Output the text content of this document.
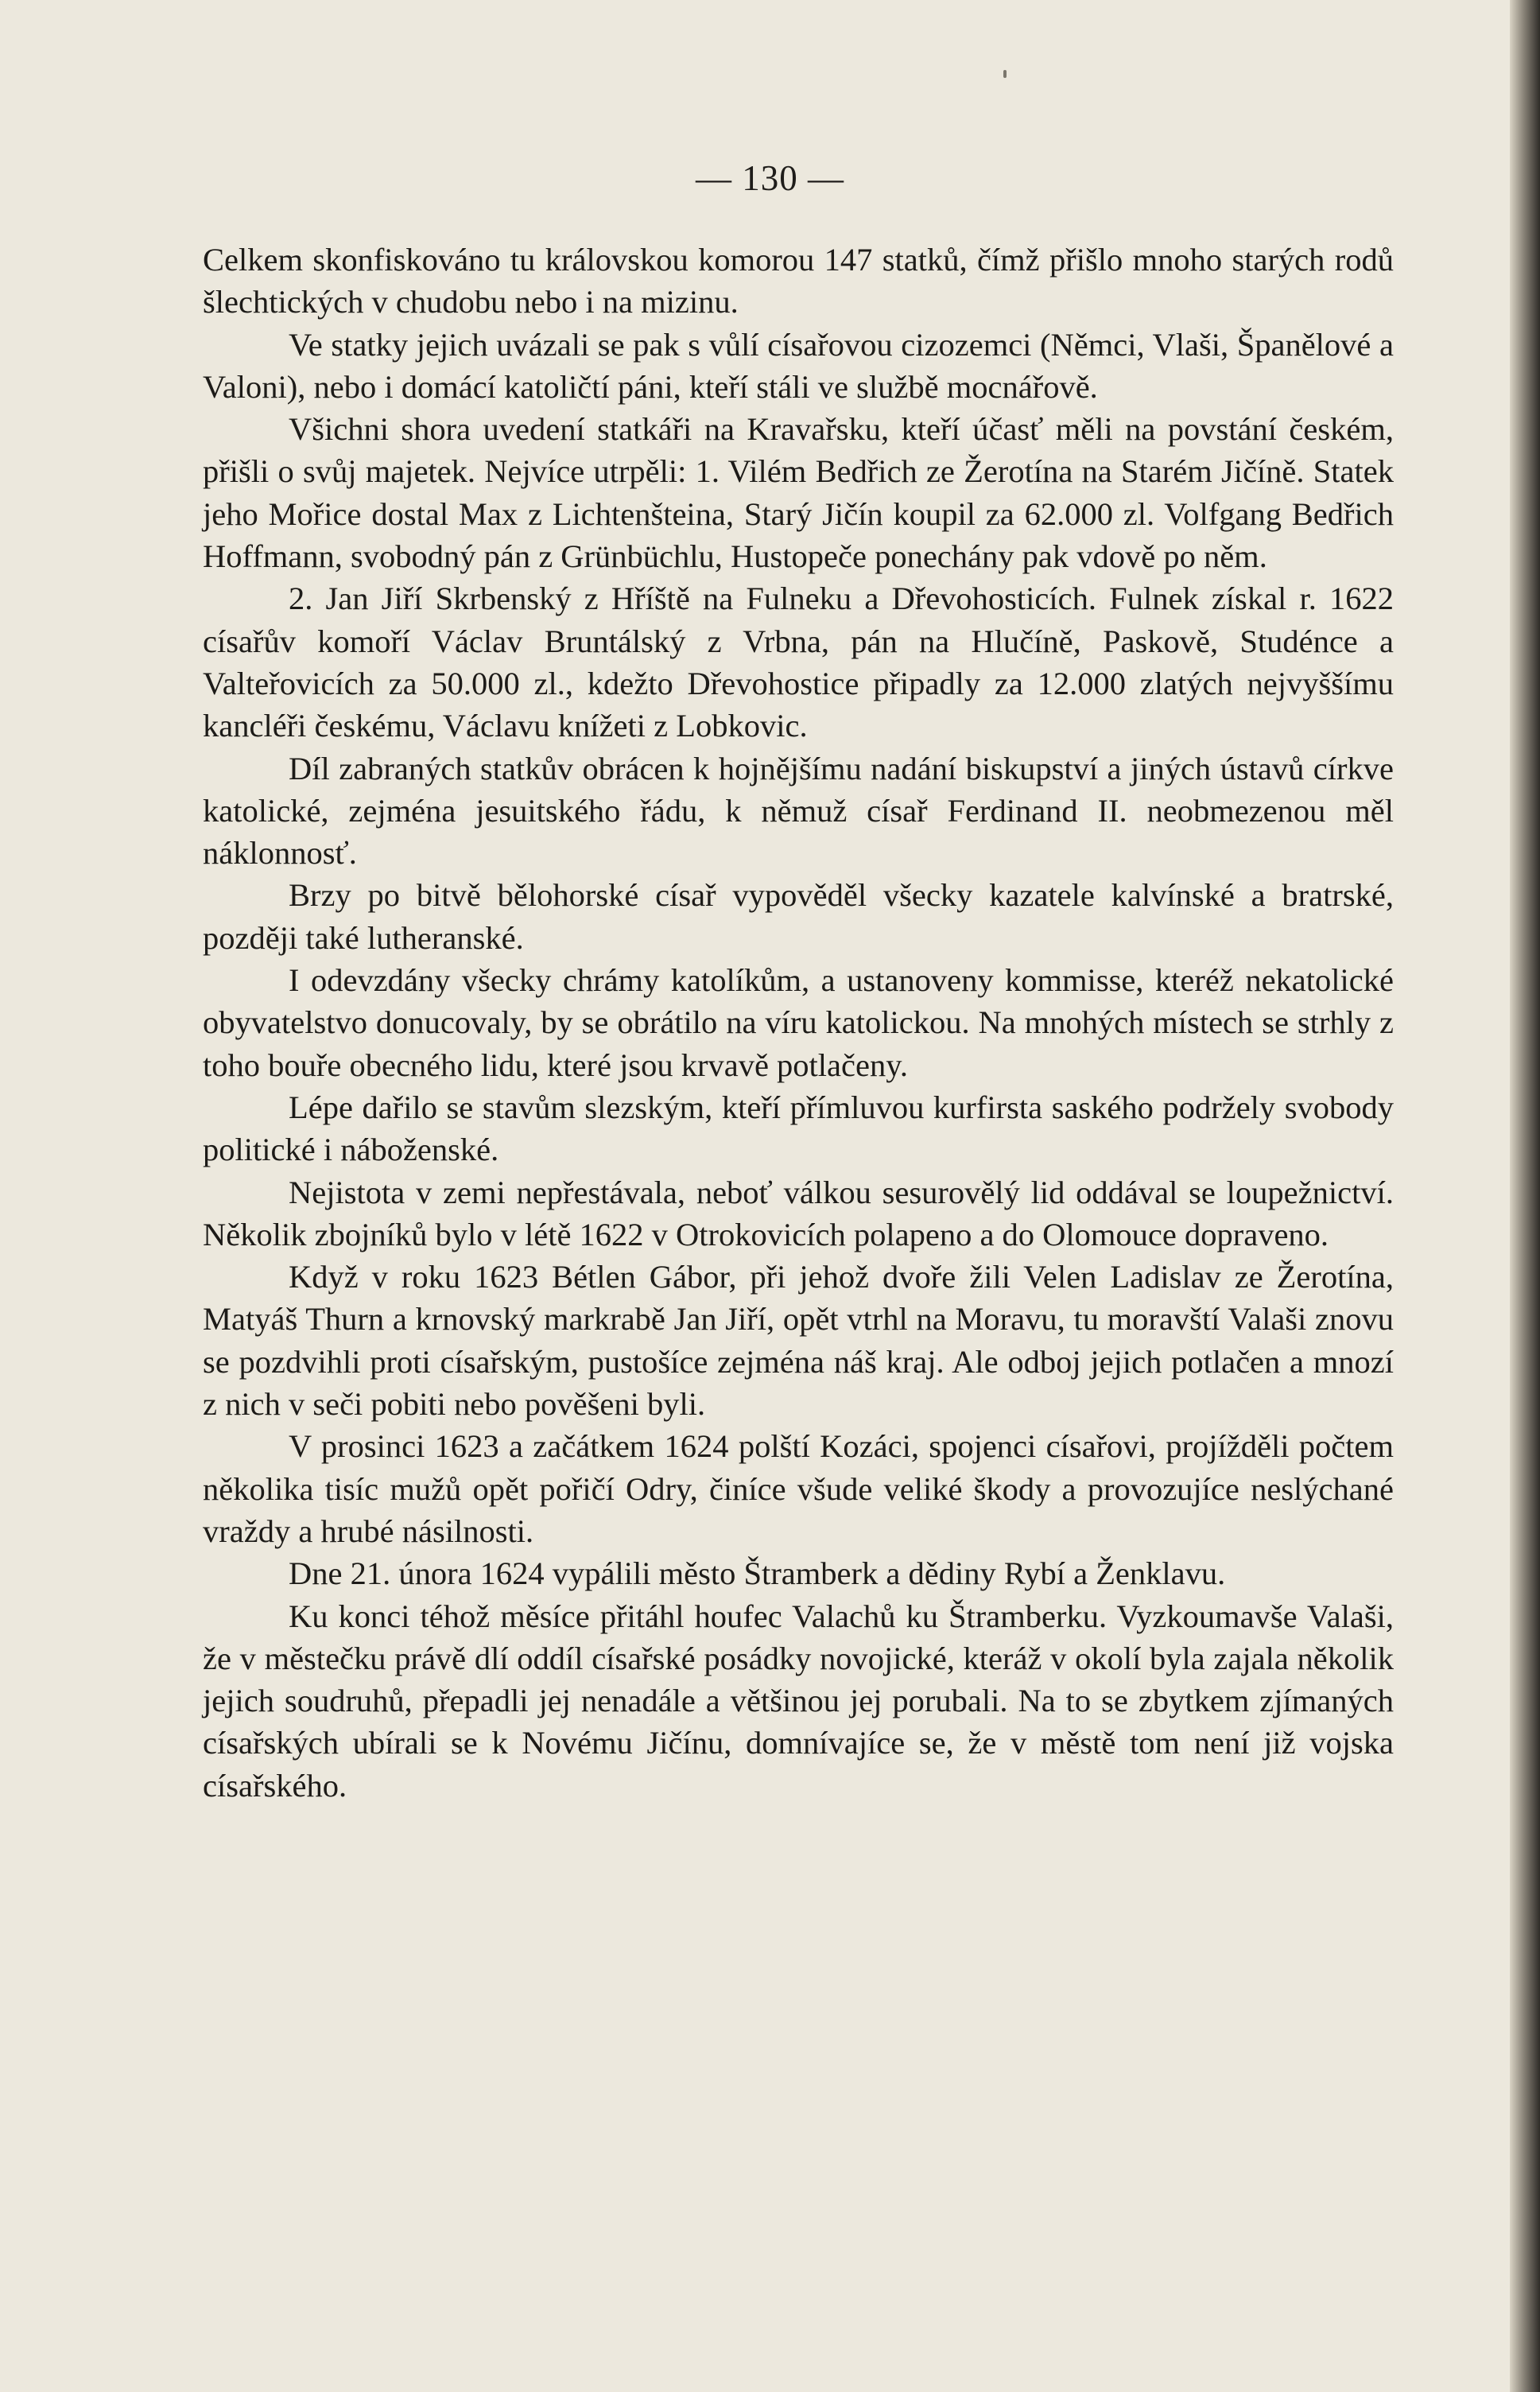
— 130 —

Celkem skonfiskováno tu královskou komorou 147 statků, čímž přišlo mnoho starých rodů šlechtických v chudobu nebo i na mizinu.

Ve statky jejich uvázali se pak s vůlí císařovou cizozemci (Němci, Vlaši, Španělové a Valoni), nebo i domácí katoličtí páni, kteří stáli ve službě mocnářově.

Všichni shora uvedení statkáři na Kravařsku, kteří účasť měli na povstání českém, přišli o svůj majetek. Nejvíce utrpěli: 1. Vilém Bedřich ze Žerotína na Starém Jičíně. Statek jeho Mořice dostal Max z Lichtenšteina, Starý Jičín koupil za 62.000 zl. Volfgang Bedřich Hoffmann, svobodný pán z Grünbüchlu, Hustopeče ponechány pak vdově po něm.

2. Jan Jiří Skrbenský z Hříště na Fulneku a Dřevohosticích. Fulnek získal r. 1622 císařův komoří Václav Bruntálský z Vrbna, pán na Hlučíně, Paskově, Studénce a Valteřovicích za 50.000 zl., kdežto Dřevohostice připadly za 12.000 zlatých nejvyššímu kancléři českému, Václavu knížeti z Lobkovic.

Díl zabraných statkův obrácen k hojnějšímu nadání biskupství a jiných ústavů církve katolické, zejména jesuitského řádu, k němuž císař Ferdinand II. neobmezenou měl náklonnosť.

Brzy po bitvě bělohorské císař vypověděl všecky kazatele kalvínské a bratrské, později také lutheranské.

I odevzdány všecky chrámy katolíkům, a ustanoveny kommisse, kteréž nekatolické obyvatelstvo donucovaly, by se obrátilo na víru katolickou. Na mnohých místech se strhly z toho bouře obecného lidu, které jsou krvavě potlačeny.

Lépe dařilo se stavům slezským, kteří přímluvou kurfirsta saského podržely svobody politické i náboženské.

Nejistota v zemi nepřestávala, neboť válkou sesurovělý lid oddával se loupežnictví. Několik zbojníků bylo v létě 1622 v Otrokovicích polapeno a do Olomouce dopraveno.

Když v roku 1623 Bétlen Gábor, při jehož dvoře žili Velen Ladislav ze Žerotína, Matyáš Thurn a krnovský markrabě Jan Jiří, opět vtrhl na Moravu, tu moravští Valaši znovu se pozdvihli proti císařským, pustošíce zejména náš kraj. Ale odboj jejich potlačen a mnozí z nich v seči pobiti nebo pověšeni byli.

V prosinci 1623 a začátkem 1624 polští Kozáci, spojenci císařovi, projížděli počtem několika tisíc mužů opět pořičí Odry, činíce všude veliké škody a provozujíce neslýchané vraždy a hrubé násilnosti.

Dne 21. února 1624 vypálili město Štramberk a dědiny Rybí a Ženklavu.

Ku konci téhož měsíce přitáhl houfec Valachů ku Štramberku. Vyzkoumavše Valaši, že v městečku právě dlí oddíl císařské posádky novojické, kteráž v okolí byla zajala několik jejich soudruhů, přepadli jej nenadále a většinou jej porubali. Na to se zbytkem zjímaných císařských ubírali se k Novému Jičínu, domnívajíce se, že v městě tom není již vojska císařského.
